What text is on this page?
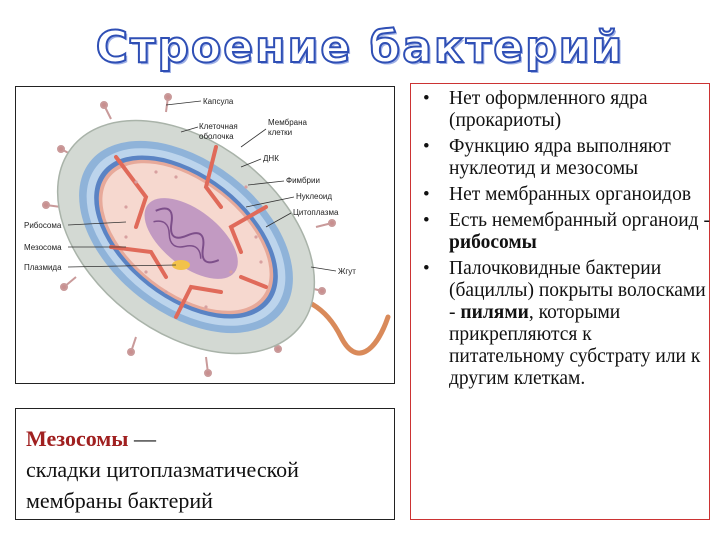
Строение бактерий
Капсула
Клеточная
оболочка
Мембрана
клетки
ДНК
Фимбрии
Нуклеоид
Цитоплазма
Рибосома
Мезосома
Плазмида	Жгут
Мезосомы —
складки цитоплазматической
мембраны бактерий
• Нет оформленного ядра (прокариоты)
• Функцию ядра выполняют нуклеотид и мезосомы
• Нет мембранных органоидов
• Есть немембранный органоид - рибосомы
• Палочковидные бактерии (бациллы) покрыты волосками - пилями, которыми прикрепляются к питательному субстрату или к другим клеткам.
